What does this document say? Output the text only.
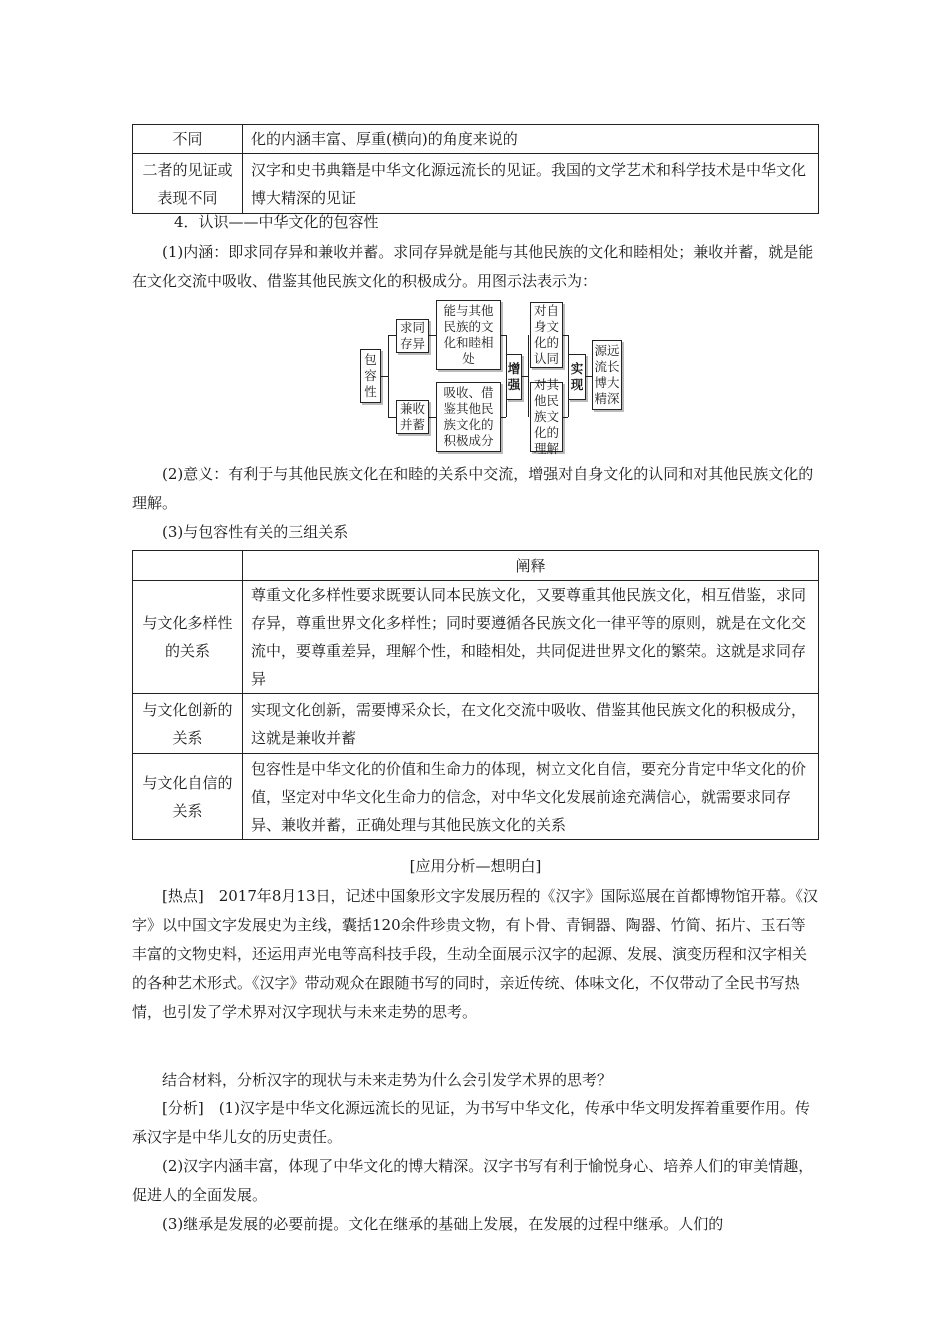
不同	化的内涵丰富、厚重(横向)的角度来说的
二者的见证或表现不同	汉字和史书典籍是中华文化源远流长的见证。我国的文学艺术和科学技术是中华文化博大精深的见证
4．认识——中华文化的包容性
(1)内涵：即求同存异和兼收并蓄。求同存异就是能与其他民族的文化和睦相处；兼收并蓄，就是能在文化交流中吸收、借鉴其他民族文化的积极成分。用图示法表示为：
包容性
求同存异
兼收并蓄
能与其他民族的文化和睦相处
吸收、借鉴其他民族文化的积极成分
增强
对自身文化的认同
对其他民族文化的理解
实现
源远流长博大精深
(2)意义：有利于与其他民族文化在和睦的关系中交流，增强对自身文化的认同和对其他民族文化的理解。
(3)与包容性有关的三组关系
	阐释
与文化多样性的关系	尊重文化多样性要求既要认同本民族文化，又要尊重其他民族文化，相互借鉴，求同存异，尊重世界文化多样性；同时要遵循各民族文化一律平等的原则，就是在文化交流中，要尊重差异，理解个性，和睦相处，共同促进世界文化的繁荣。这就是求同存异
与文化创新的关系	实现文化创新，需要博采众长，在文化交流中吸收、借鉴其他民族文化的积极成分，这就是兼收并蓄
与文化自信的关系	包容性是中华文化的价值和生命力的体现，树立文化自信，要充分肯定中华文化的价值，坚定对中华文化生命力的信念，对中华文化发展前途充满信心，就需要求同存异、兼收并蓄，正确处理与其他民族文化的关系
[应用分析—想明白]
[热点]　2017年8月13日，记述中国象形文字发展历程的《汉字》国际巡展在首都博物馆开幕。《汉字》以中国文字发展史为主线，囊括120余件珍贵文物，有卜骨、青铜器、陶器、竹简、拓片、玉石等丰富的文物史料，还运用声光电等高科技手段，生动全面展示汉字的起源、发展、演变历程和汉字相关的各种艺术形式。《汉字》带动观众在跟随书写的同时，亲近传统、体味文化，不仅带动了全民书写热情，也引发了学术界对汉字现状与未来走势的思考。
结合材料，分析汉字的现状与未来走势为什么会引发学术界的思考？
[分析]　(1)汉字是中华文化源远流长的见证，为书写中华文化，传承中华文明发挥着重要作用。传承汉字是中华儿女的历史责任。
(2)汉字内涵丰富，体现了中华文化的博大精深。汉字书写有利于愉悦身心、培养人们的审美情趣，促进人的全面发展。
(3)继承是发展的必要前提。文化在继承的基础上发展，在发展的过程中继承。人们的
